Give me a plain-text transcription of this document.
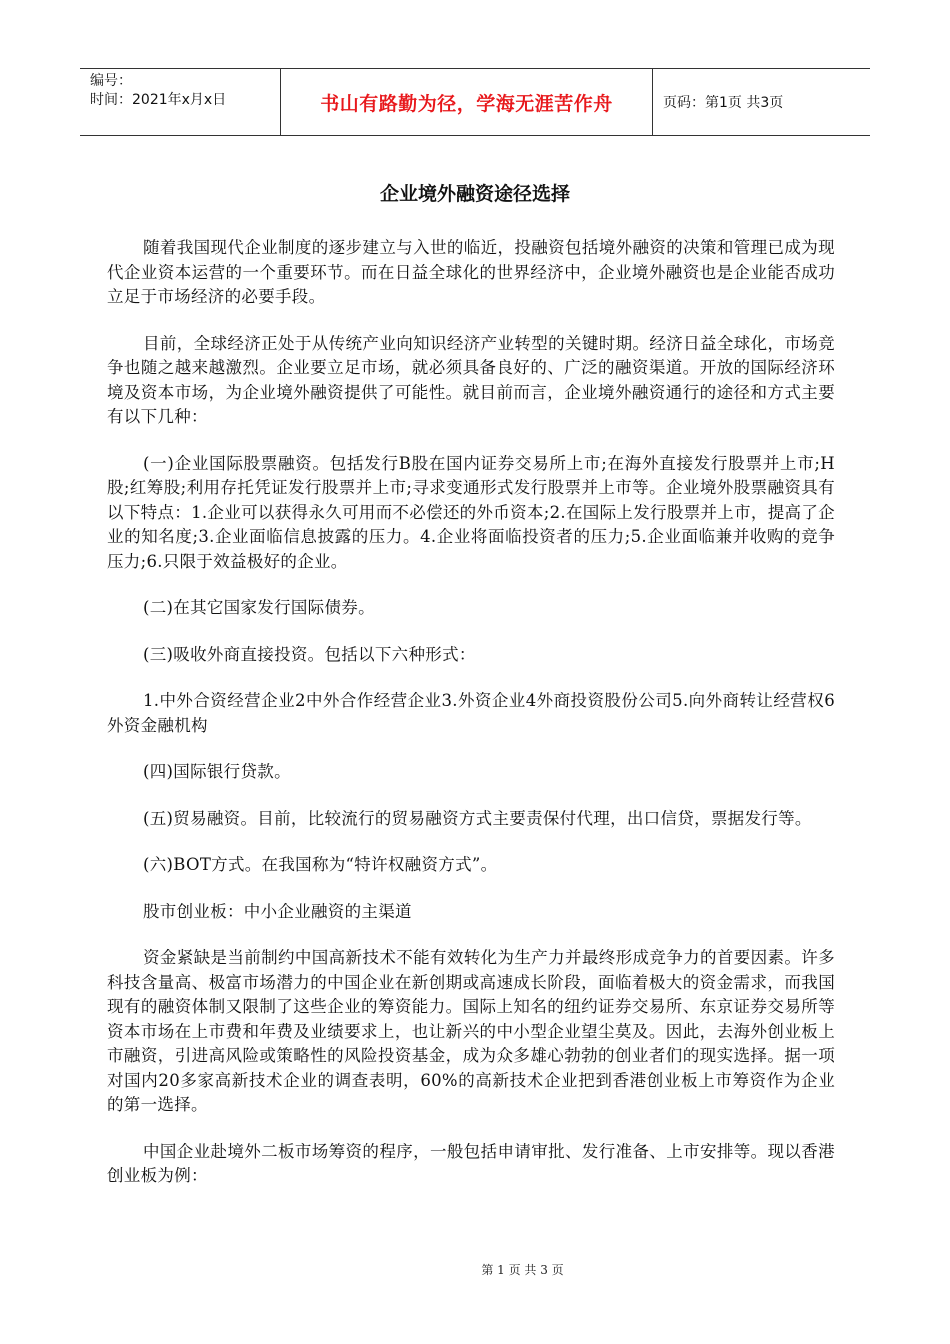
编号：
时间：2021年x月x日	书山有路勤为径，学海无涯苦作舟	页码：第1页 共3页
企业境外融资途径选择

随着我国现代企业制度的逐步建立与入世的临近，投融资包括境外融资的决策和管理已成为现代企业资本运营的一个重要环节。而在日益全球化的世界经济中，企业境外融资也是企业能否成功立足于市场经济的必要手段。

目前，全球经济正处于从传统产业向知识经济产业转型的关键时期。经济日益全球化，市场竞争也随之越来越激烈。企业要立足市场，就必须具备良好的、广泛的融资渠道。开放的国际经济环境及资本市场，为企业境外融资提供了可能性。就目前而言，企业境外融资通行的途径和方式主要有以下几种：

(一)企业国际股票融资。包括发行B股在国内证券交易所上市;在海外直接发行股票并上市;H股;红筹股;利用存托凭证发行股票并上市;寻求变通形式发行股票并上市等。企业境外股票融资具有以下特点：1.企业可以获得永久可用而不必偿还的外币资本;2.在国际上发行股票并上市，提高了企业的知名度;3.企业面临信息披露的压力。4.企业将面临投资者的压力;5.企业面临兼并收购的竞争压力;6.只限于效益极好的企业。

(二)在其它国家发行国际债券。

(三)吸收外商直接投资。包括以下六种形式：

1.中外合资经营企业2中外合作经营企业3.外资企业4外商投资股份公司5.向外商转让经营权6外资金融机构

(四)国际银行贷款。

(五)贸易融资。目前，比较流行的贸易融资方式主要责保付代理，出口信贷，票据发行等。

(六)BOT方式。在我国称为“特许权融资方式”。

股市创业板：中小企业融资的主渠道

资金紧缺是当前制约中国高新技术不能有效转化为生产力并最终形成竞争力的首要因素。许多科技含量高、极富市场潜力的中国企业在新创期或高速成长阶段，面临着极大的资金需求，而我国现有的融资体制又限制了这些企业的筹资能力。国际上知名的纽约证券交易所、东京证券交易所等资本市场在上市费和年费及业绩要求上，也让新兴的中小型企业望尘莫及。因此，去海外创业板上市融资，引进高风险或策略性的风险投资基金，成为众多雄心勃勃的创业者们的现实选择。据一项对国内20多家高新技术企业的调查表明，60%的高新技术企业把到香港创业板上市筹资作为企业的第一选择。

中国企业赴境外二板市场筹资的程序，一般包括申请审批、发行准备、上市安排等。现以香港创业板为例：

第 1 页 共 3 页
